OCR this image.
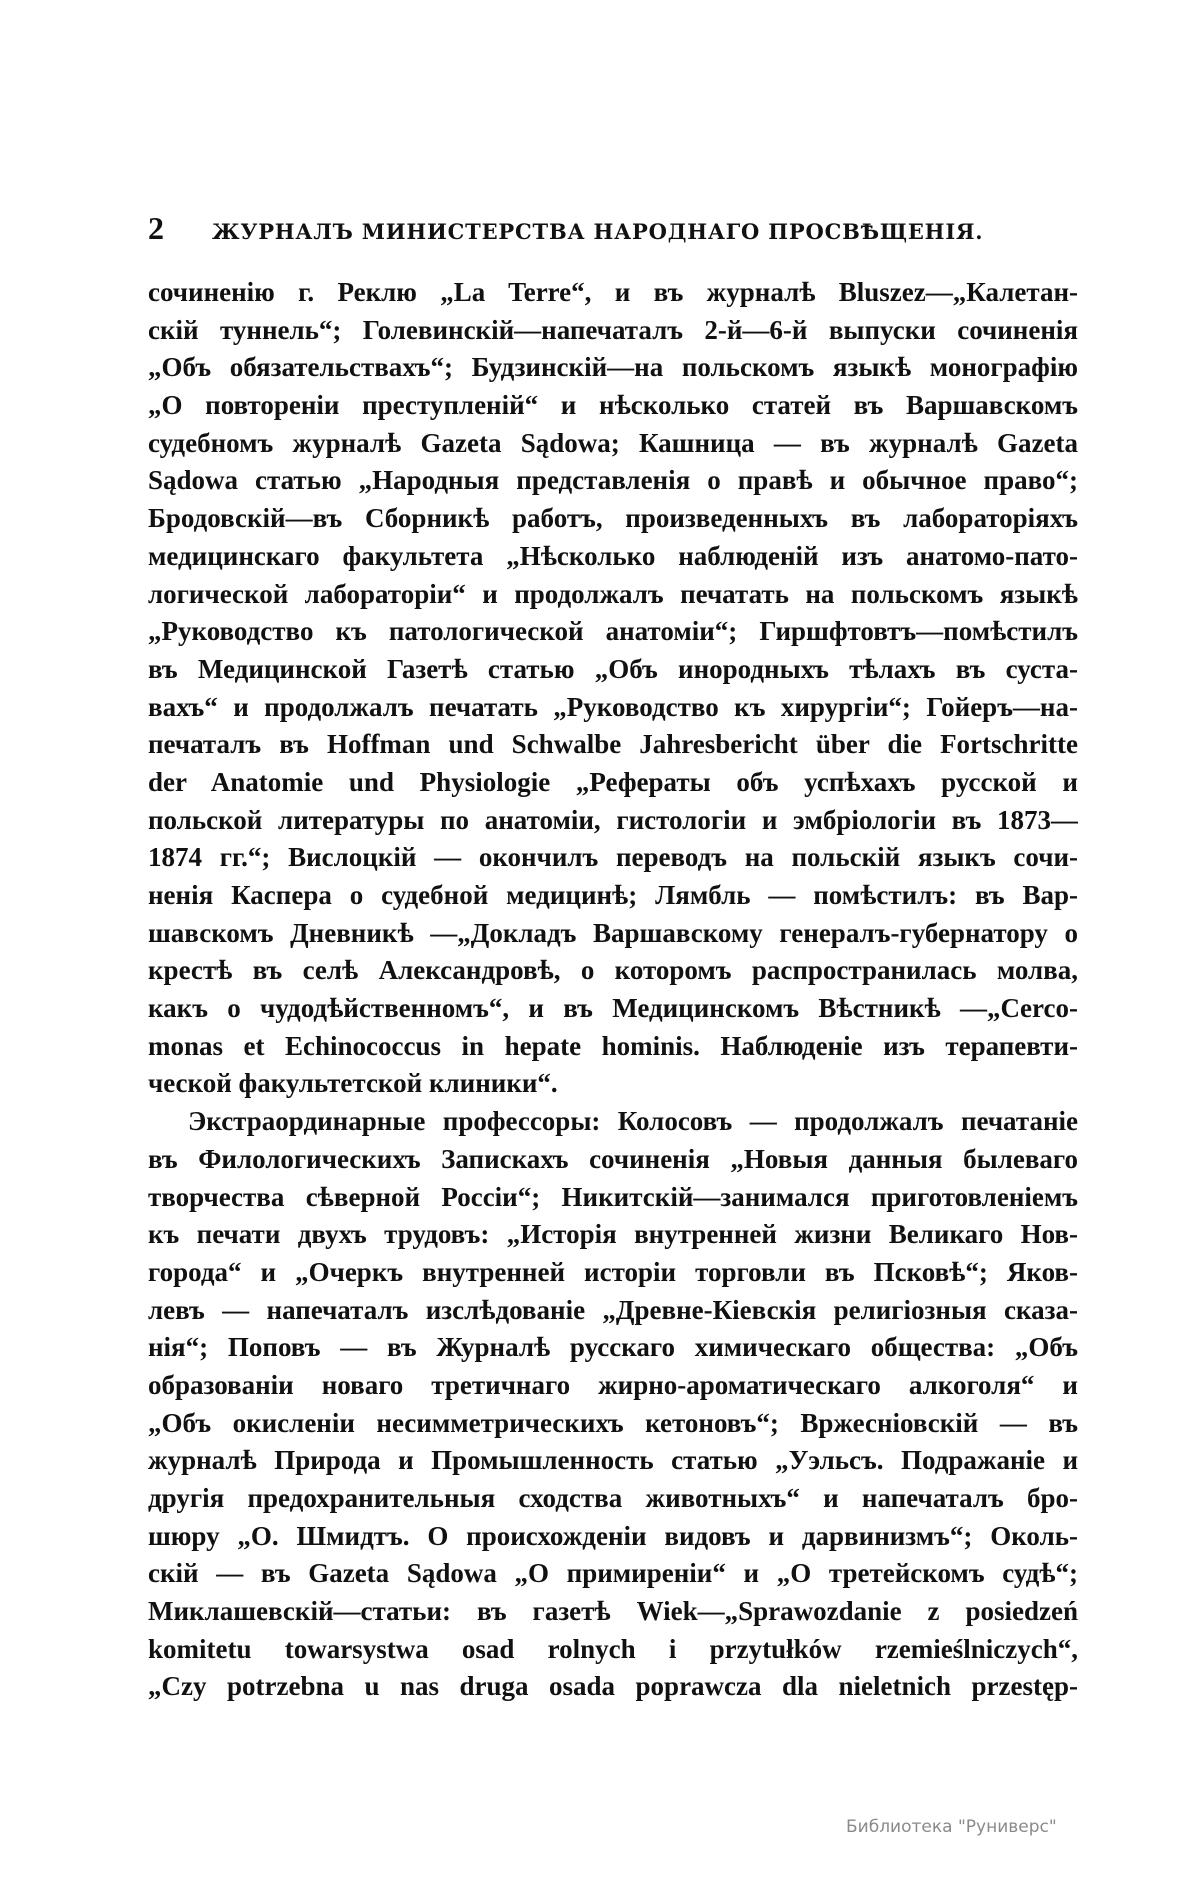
2 ЖУРНАЛЪ МИНИСТЕРСТВА НАРОДНАГО ПРОСВѢЩЕНІЯ.
сочиненію г. Реклю „La Terre“, и въ журналѣ Bluszez—„Калетан-
скій туннель“; Голевинскій—напечаталъ 2-й—6-й выпуски сочиненія
„Объ обязательствахъ“; Будзинскій—на польскомъ языкѣ монографію
„О повтореніи преступленій“ и нѣсколько статей въ Варшавскомъ
судебномъ журналѣ Gazeta Sądowa; Кашница — въ журналѣ Gazeta
Sądowa статью „Народныя представленія о правѣ и обычное право“;
Бродовскій—въ Сборникѣ работъ, произведенныхъ въ лабораторіяхъ
медицинскаго факультета „Нѣсколько наблюденій изъ анатомо-пато-
логической лабораторіи“ и продолжалъ печатать на польскомъ языкѣ
„Руководство къ патологической анатоміи“; Гиршфтовтъ—помѣстилъ
въ Медицинской Газетѣ статью „Объ инородныхъ тѣлахъ въ суста-
вахъ“ и продолжалъ печатать „Руководство къ хирургіи“; Гойеръ—на-
печаталъ въ Hoffman und Schwalbe Jahresbericht über die Fortschritte
der Anatomie und Physiologie „Рефераты объ успѣхахъ русской и
польской литературы по анатоміи, гистологіи и эмбріологіи въ 1873—
1874 гг.“; Вислоцкій — окончилъ переводъ на польскій языкъ сочи-
ненія Каспера о судебной медицинѣ; Лямбль — помѣстилъ: въ Вар-
шавскомъ Дневникѣ —„Докладъ Варшавскому генералъ-губернатору о
крестѣ въ селѣ Александровѣ, о которомъ распространилась молва,
какъ о чудодѣйственномъ“, и въ Медицинскомъ Вѣстникѣ —„Cerco-
monas et Echinococcus in hepate hominis. Наблюденіе изъ терапевти-
ческой факультетской клиники“.
Экстраординарные профессоры: Колосовъ — продолжалъ печатаніе
въ Филологическихъ Запискахъ сочиненія „Новыя данныя былеваго
творчества сѣверной Россіи“; Никитскій—занимался приготовленіемъ
къ печати двухъ трудовъ: „Исторія внутренней жизни Великаго Нов-
города“ и „Очеркъ внутренней исторіи торговли въ Псковѣ“; Яков-
левъ — напечаталъ изслѣдованіе „Древне-Кіевскія религіозныя сказа-
нія“; Поповъ — въ Журналѣ русскаго химическаго общества: „Объ
образованіи новаго третичнаго жирно-ароматическаго алкоголя“ и
„Объ окисленіи несимметрическихъ кетоновъ“; Вржесніовскій — въ
журналѣ Природа и Промышленность статью „Уэльсъ. Подражаніе и
другія предохранительныя сходства животныхъ“ и напечаталъ бро-
шюру „О. Шмидтъ. О происхожденіи видовъ и дарвинизмъ“; Околь-
скій — въ Gazeta Sądowa „О примиреніи“ и „О третейскомъ судѣ“;
Миклашевскій—статьи: въ газетѣ Wiek—„Sprawozdanie z posiedzeń
komitetu towarsystwa osad rolnych i przytułków rzemieślniczych“,
„Czy potrzebna u nas druga osada poprawcza dla nieletnich przestęp-
Библиотека "Руниверс"
